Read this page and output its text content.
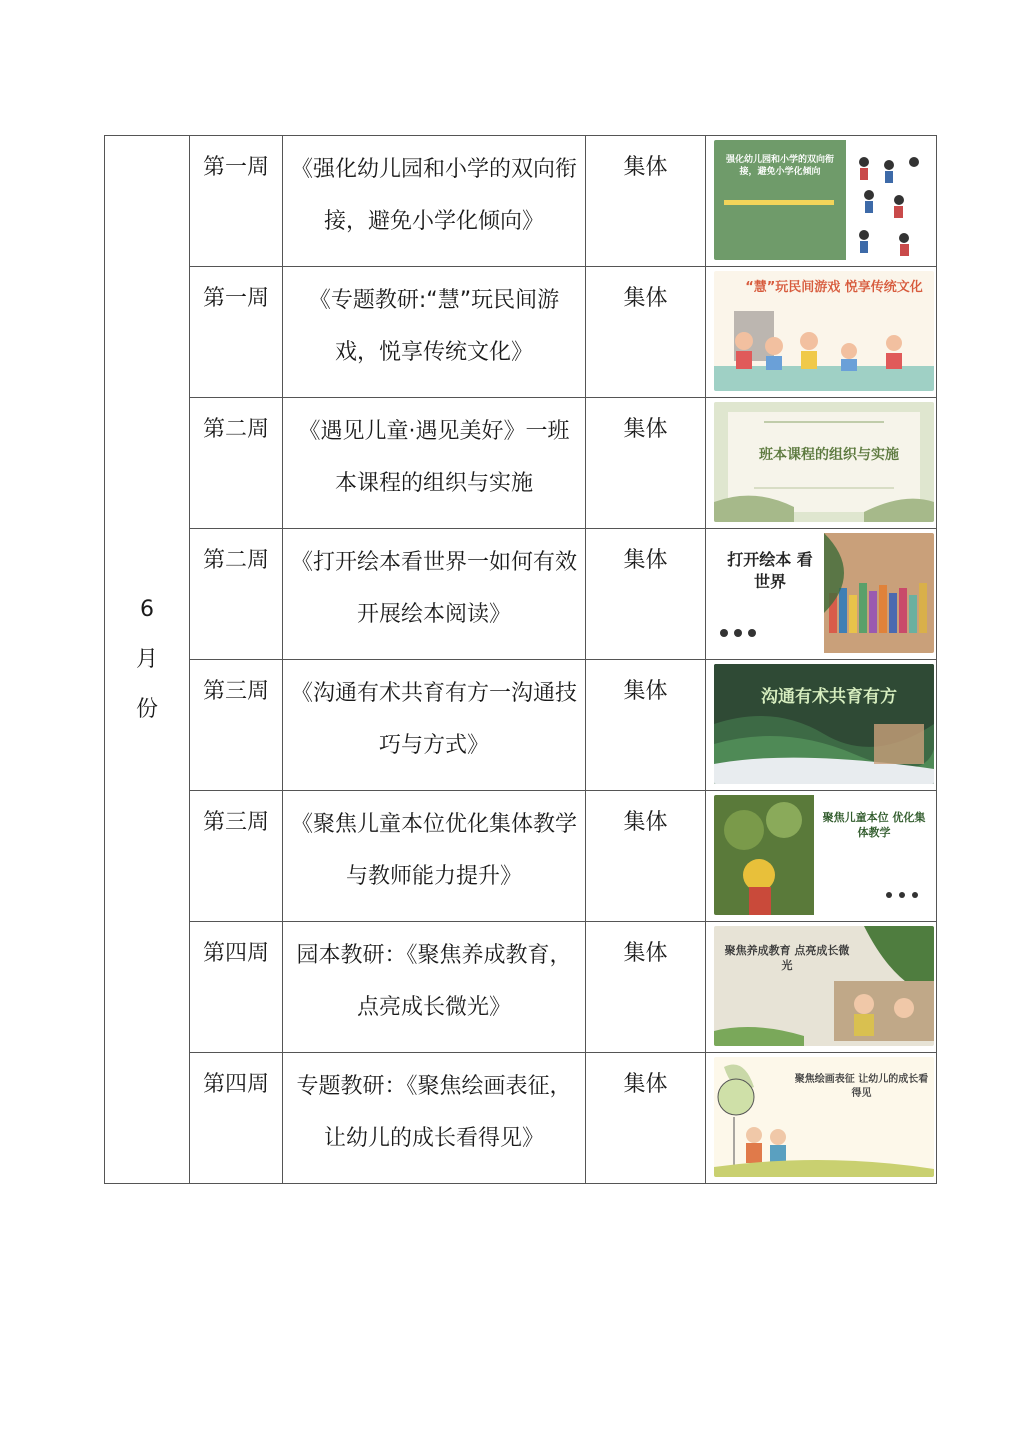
6
月
份	第一周	《强化幼儿园和小学的双向衔接，避免小学化倾向》	集体	强化幼儿园和小学的双向衔接，避免小学化倾向

	第一周	《专题教研:“慧”玩民间游戏，悦享传统文化》	集体	“慧”玩民间游戏 悦享传统文化

	第二周	《遇见儿童·遇见美好》一班本课程的组织与实施	集体	班本课程的组织与实施

	第二周	《打开绘本看世界一如何有效开展绘本阅读》	集体	打开绘本 看世界

	第三周	《沟通有术共育有方一沟通技巧与方式》	集体	沟通有术共育有方

	第三周	《聚焦儿童本位优化集体教学与教师能力提升》	集体	聚焦儿童本位 优化集体教学

	第四周	园本教研：《聚焦养成教育，点亮成长微光》	集体	聚焦养成教育 点亮成长微光

	第四周	专题教研：《聚焦绘画表征，让幼儿的成长看得见》	集体	聚焦绘画表征 让幼儿的成长看得见
